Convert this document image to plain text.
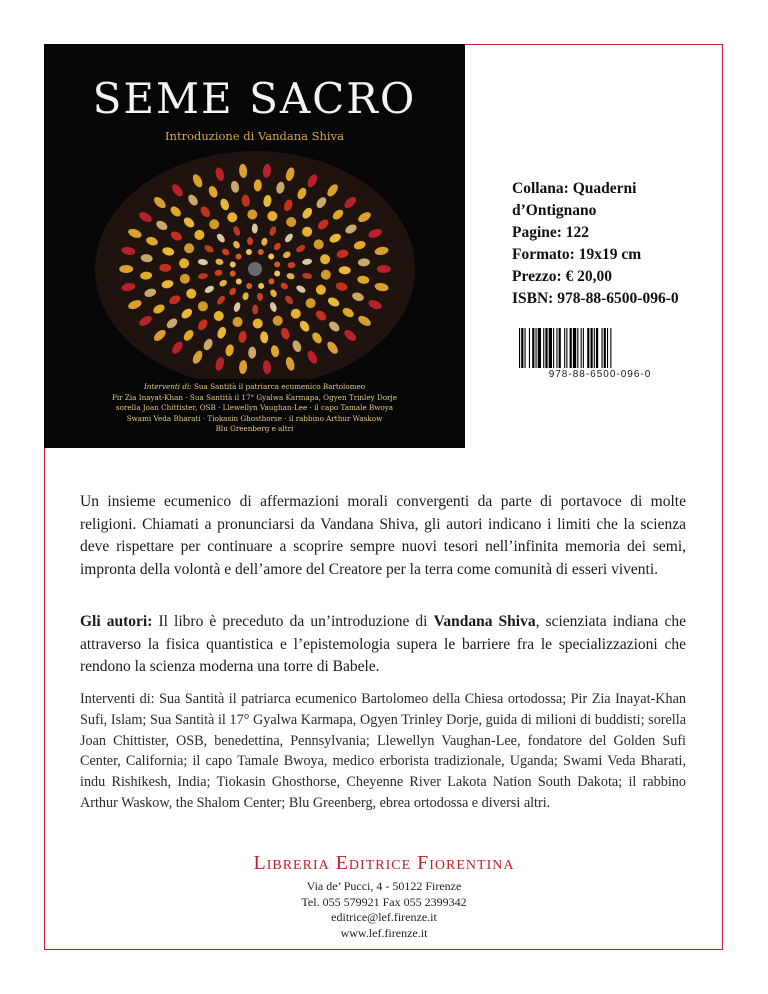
SEME SACRO
Introduzione di Vandana Shiva
Interventi di: Sua Santità il patriarca ecumenico Bartolomeo
Pir Zia Inayat-Khan · Sua Santità il 17° Gyalwa Karmapa, Ogyen Trinley Dorje
sorella Joan Chittister, OSB · Llewellyn Vaughan-Lee · il capo Tamale Bwoya
Swami Veda Bharati · Tiokasin Ghosthorse · il rabbino Arthur Waskow
Blu Greenberg e altri
Collana: Quaderni
d’Ontignano
Pagine: 122
Formato: 19x19 cm
Prezzo: € 20,00
ISBN: 978-88-6500-096-0
978-88-6500-096-0
Un insieme ecumenico di affermazioni morali convergenti da parte di portavoce di molte religioni. Chiamati a pronunciarsi da Vandana Shiva, gli autori indicano i limiti che la scienza deve rispettare per continuare a scoprire sempre nuovi tesori nell’infinita memoria dei semi, impronta della volontà e dell’amore del Creatore per la terra come comunità di esseri viventi.
Gli autori: Il libro è preceduto da un’introduzione di Vandana Shiva, scienziata indiana che attraverso la fisica quantistica e l’epistemologia supera le barriere fra le specializzazioni che rendono la scienza moderna una torre di Babele.
Interventi di: Sua Santità il patriarca ecumenico Bartolomeo della Chiesa ortodossa; Pir Zia Inayat-Khan Sufi, Islam; Sua Santità il 17° Gyalwa Karmapa, Ogyen Trinley Dorje, guida di milioni di buddisti; sorella Joan Chittister, OSB, benedettina, Pennsylvania; Llewellyn Vaughan-Lee, fondatore del Golden Sufi Center, California; il capo Tamale Bwoya, medico erborista tradizionale, Uganda; Swami Veda Bharati, indu Rishikesh, India; Tiokasin Ghosthorse, Cheyenne River Lakota Nation South Dakota; il rabbino Arthur Waskow, the Shalom Center; Blu Greenberg, ebrea ortodossa e diversi altri.
Libreria Editrice Fiorentina
Via de’ Pucci, 4 - 50122 Firenze
Tel. 055 579921 Fax 055 2399342
editrice@lef.firenze.it
www.lef.firenze.it
